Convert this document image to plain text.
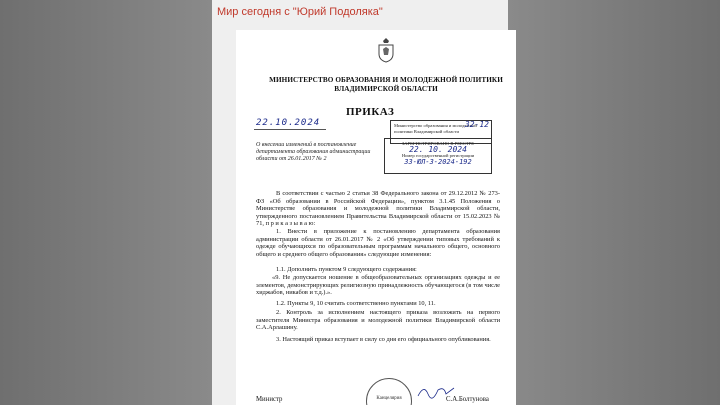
Мир сегодня с "Юрий Подоляка"
МИНИСТЕРСТВО ОБРАЗОВАНИЯ И МОЛОДЕЖНОЙ ПОЛИТИКИ
ВЛАДИМИРСКОЙ ОБЛАСТИ
ПРИКАЗ
22.10.2024	Министерство образования и молодежной политики Владимирской области
32-12
ЗАРЕГИСТРИРОВАНО В РЕЕСТРЕ
22. 10. 2024
Номер государственной регистрации
33-ЮЛ-3-2024-192
О внесении изменений в постановление департамента образования администрации области от 26.01.2017 № 2
В соответствии с частью 2 статьи 38 Федерального закона от 29.12.2012 № 273-ФЗ «Об образовании в Российской Федерации», пунктом 3.1.45 Положения о Министерстве образования и молодежной политики Владимирской области, утвержденного постановлением Правительства Владимирской области от 15.02.2023 № 71, п р и к а з ы в а ю:
1. Внести в приложение к постановлению департамента образования администрации области от 26.01.2017 № 2 «Об утверждении типовых требований к одежде обучающихся по образовательным программам начального общего, основного общего и среднего общего образования» следующие изменения:
1.1. Дополнить пунктом 9 следующего содержания:
«9. Не допускается ношение в общеобразовательных организациях одежды и ее элементов, демонстрирующих религиозную принадлежность обучающегося (в том числе хиджабов, никабов и т.д.).».
1.2. Пункты 9, 10 считать соответственно пунктами 10, 11.
2. Контроль за исполнением настоящего приказа возложить на первого заместителя Министра образования и молодежной политики Владимирской области С.А.Арлашину.
3. Настоящий приказ вступает в силу со дня его официального опубликования.
Министр	Канцелярия	С.А.Болтунова
